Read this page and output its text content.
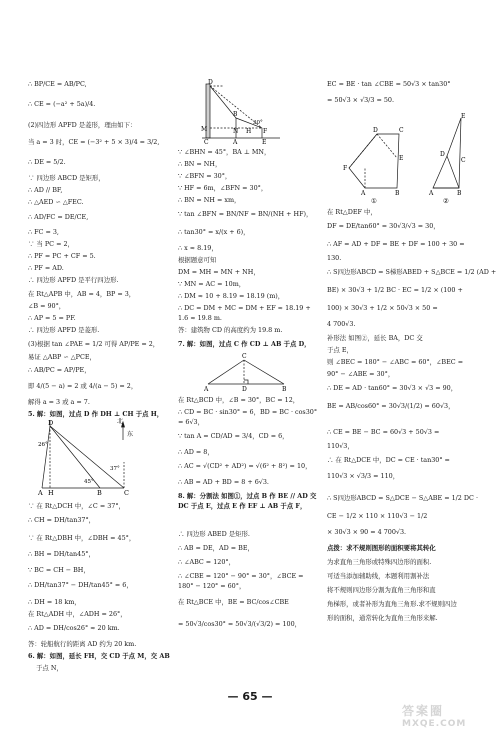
∴ BP/CE = AB/PC,
∴ CE = (−a² + 5a)/4.
(2)四边形 APFD 是菱形，理由如下：
当 a = 3 时，CE = (−3² + 5 × 3)/4 = 3/2,
∴ DE = 5/2.
∵ 四边形 ABCD 是矩形，
∴ AD // BF,
∴ △AED ∽ △FEC.
∴ AD/FC = DE/CE,
∴ FC = 3,
∵ 当 PC = 2，
∴ PF = PC + CF = 5.
∴ PF = AD.
∴ 四边形 APFD 是平行四边形.
在 Rt△APB 中，AB = 4，BP = 3，
∠B = 90°，
∴ AP = 5 = PF.
∴ 四边形 APFD 是菱形.
(3)根据 tan ∠PAE = 1/2 可得 AP/PE = 2，
易证 △ABP ∽ △PCE，
∴ AB/PC = AP/PE，
即 4/(5 − a) = 2 或 4/(a − 5) = 2，
解得 a = 3 或 a = 7.
5. 解：如图，过点 D 作 DH ⊥ CH 于点 H，
D
A H	B	C
26°
45°
37°
北
东
∵ 在 Rt△DCH 中，∠C = 37°，
∴ CH = DH/tan37°，
∵ 在 Rt△DBH 中，∠DBH = 45°，
∴ BH = DH/tan45°，
∵ BC = CH − BH，
∴ DH/tan37° − DH/tan45° = 6，
∴ DH = 18 km，
在 Rt△ADH 中，∠ADH = 26°，
∴ AD = DH/cos26° ≈ 20 km.
答：轮船航行的距离 AD 约为 20 km.
6. 解：如图，延长 FH，交 CD 于点 M，交 AB
于点 N，
D
B
M	N H F
C	A	E
30°
∵ ∠BHN = 45°，BA ⊥ MN，
∴ BN = NH，
∵ ∠BFN = 30°，
∵ HF = 6m，∠BFN = 30°，
∴ BN = NH = xm，
∵ tan ∠BFN = BN/NF = BN/(NH + HF)，
∴ tan30° = x/(x + 6)，
∴ x ≈ 8.19，
根据题意可知
DM = MH = MN + NH，
∵ MN = AC = 10m，
∴ DM ≈ 10 + 8.19 = 18.19 (m)，
∴ DC = DM + MC = DM + EF ≈ 18.19 + 1.6 ≈ 19.8 m.
答：建筑物 CD 的高度约为 19.8 m.
7. 解：如图，过点 C 作 CD ⊥ AB 于点 D，
C
A	D	B
在 Rt△BCD 中，∠B = 30°，BC = 12，
∴ CD = BC · sin30° = 6，BD = BC · cos30° = 6√3，
∵ tan A = CD/AD = 3/4，CD = 6，
∴ AD = 8，
∴ AC = √(CD² + AD²) = √(6² + 8²) = 10，
∴ AB = AD + BD = 8 + 6√3.
8. 解：分割法 如图①，过点 B 作 BE // AD 交 DC 于点 E，过点 E 作 EF ⊥ AB 于点 F，
∴ 四边形 ABED 是矩形.
∴ AB = DE，AD = BE，
∴ ∠ABC = 120°，
∴ ∠CBE = 120° − 90° = 30°，∠BCE = 180° − 120° = 60°，
在 Rt△BCE 中，BE = BC/cos∠CBE
= 50√3/cos30° = 50√3/(√3/2) = 100，
EC = BE · tan ∠CBE = 50√3 × tan30°
= 50√3 × √3/3 = 50.
F
A	B
C
D
E
①
E
D
C
A	B
②
在 Rt△DEF 中，
DF = DE/tan60° = 30√3/√3 = 30，
∴ AF = AD + DF = BE + DF = 100 + 30 =
130.
∴ S四边形ABCD = S梯形ABED + S△BCE = 1/2 (AD +
BE) × 30√3 + 1/2 BC · EC = 1/2 × (100 +
100) × 30√3 + 1/2 × 50√3 × 50 =
4 700√3.
补形法 如图②，延长 BA，DC 交
于点 E，
则 ∠BEC = 180° − ∠ABC = 60°，∠BEC =
90° − ∠ABE = 30°，
∴ DE = AD · tan60° = 30√3 × √3 = 90，
BE = AB/cos60° = 30√3/(1/2) = 60√3，
∴ CE = BE − BC = 60√3 + 50√3 =
110√3，
∴ 在 Rt△DCE 中，DC = CE · tan30° =
110√3 × √3/3 = 110，
∴ S四边形ABCD = S△DCE − S△ABE = 1/2 DC ·
CE − 1/2 × 110 × 110√3 − 1/2
× 30√3 × 90 = 4 700√3.
点拨：求不规则图形的面积要将其转化
为求直角三角形或特殊四边形的面积.
可适当添加辅助线，本题利用割补法
将不规则四边形分割为直角三角形和直
角梯形，或者补形为直角三角形.求不规则四边
形的面积，通常转化为直角三角形来解.
— 65 —
答案圈
MXQE.COM
